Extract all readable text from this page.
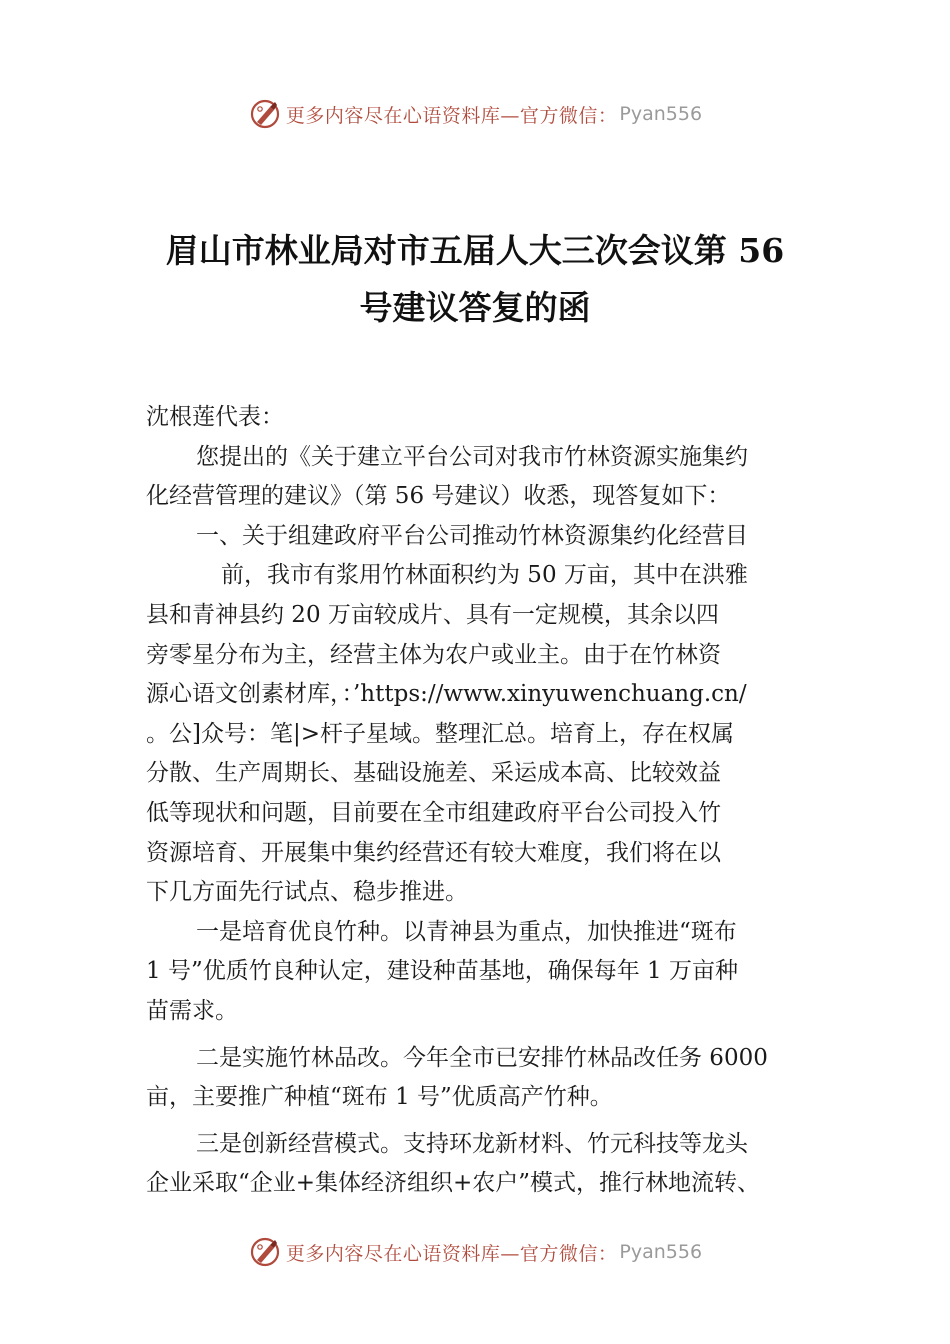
更多内容尽在心语资料库—官方微信： Pyan556
眉山市林业局对市五届人大三次会议第 56
号建议答复的函
沈根莲代表：
您提出的《关于建立平台公司对我市竹林资源实施集约
化经营管理的建议》（第 56 号建议）收悉，现答复如下：
一、关于组建政府平台公司推动竹林资源集约化经营目
前，我市有浆用竹林面积约为 50 万亩，其中在洪雅
县和青神县约 20 万亩较成片、具有一定规模，其余以四
旁零星分布为主，经营主体为农户或业主。由于在竹林资
源心语文创素材库，：’https://www.xinyuwenchuang.cn/
。公]众号：笔|>杆子星域。整理汇总。培育上，存在权属
分散、生产周期长、基础设施差、采运成本高、比较效益
低等现状和问题，目前要在全市组建政府平台公司投入竹
资源培育、开展集中集约经营还有较大难度，我们将在以
下几方面先行试点、稳步推进。
一是培育优良竹种。以青神县为重点，加快推进“斑布
1 号”优质竹良种认定，建设种苗基地，确保每年 1 万亩种
苗需求。
二是实施竹林品改。今年全市已安排竹林品改任务 6000
亩，主要推广种植“斑布 1 号”优质高产竹种。
三是创新经营模式。支持环龙新材料、竹元科技等龙头
企业采取“企业+集体经济组织+农户”模式，推行林地流转、
更多内容尽在心语资料库—官方微信： Pyan556
